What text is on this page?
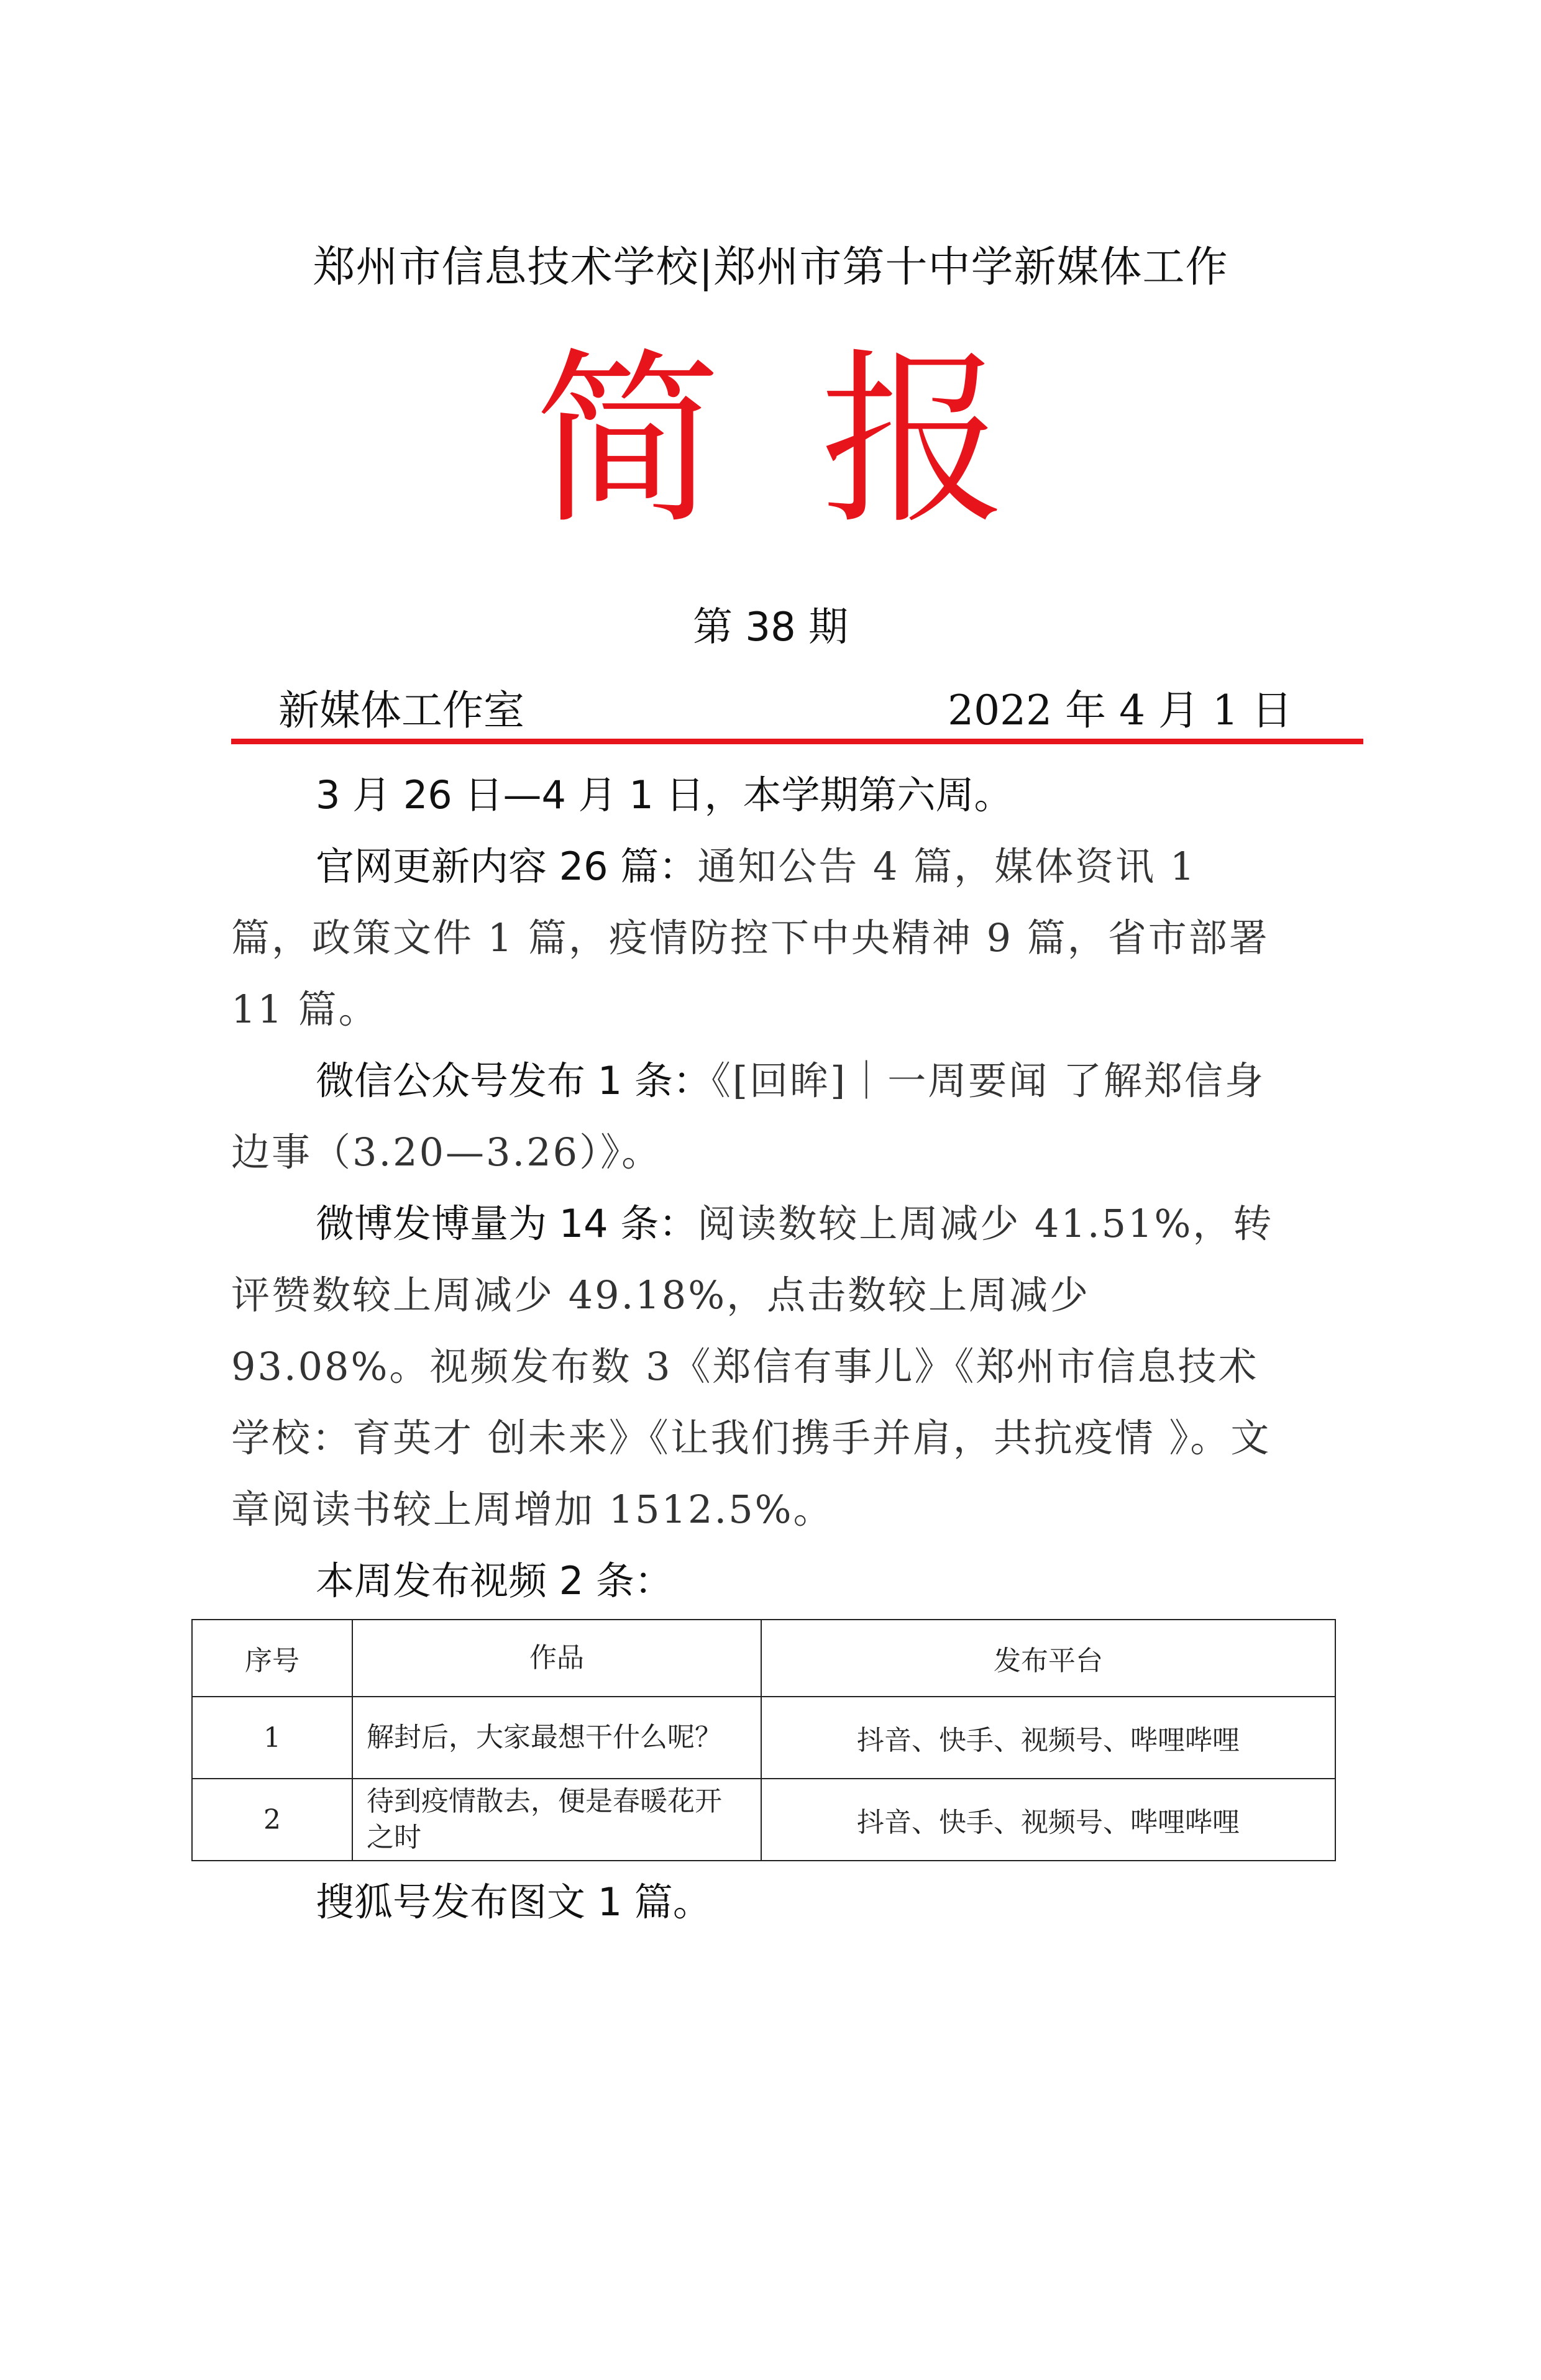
郑州市信息技术学校|郑州市第十中学新媒体工作
简报
第 38 期
新媒体工作室	2022 年 4 月 1 日

3 月 26 日—4 月 1 日，本学期第六周。

官网更新内容 26 篇：通知公告 4 篇，媒体资讯 1 篇，政策文件 1 篇，疫情防控下中央精神 9 篇，省市部署 11 篇。

微信公众号发布 1 条：《[回眸]｜一周要闻 了解郑信身边事（3.20—3.26）》。

微博发博量为 14 条：阅读数较上周减少 41.51%，转评赞数较上周减少 49.18%，点击数较上周减少 93.08%。视频发布数 3《郑信有事儿》《郑州市信息技术学校：育英才 创未来》《让我们携手并肩，共抗疫情 》。文章阅读书较上周增加 1512.5%。

本周发布视频 2 条：

序号	作品	发布平台
1	解封后，大家最想干什么呢？	抖音、快手、视频号、哔哩哔哩
2	待到疫情散去，便是春暖花开之时	抖音、快手、视频号、哔哩哔哩
搜狐号发布图文 1 篇。
